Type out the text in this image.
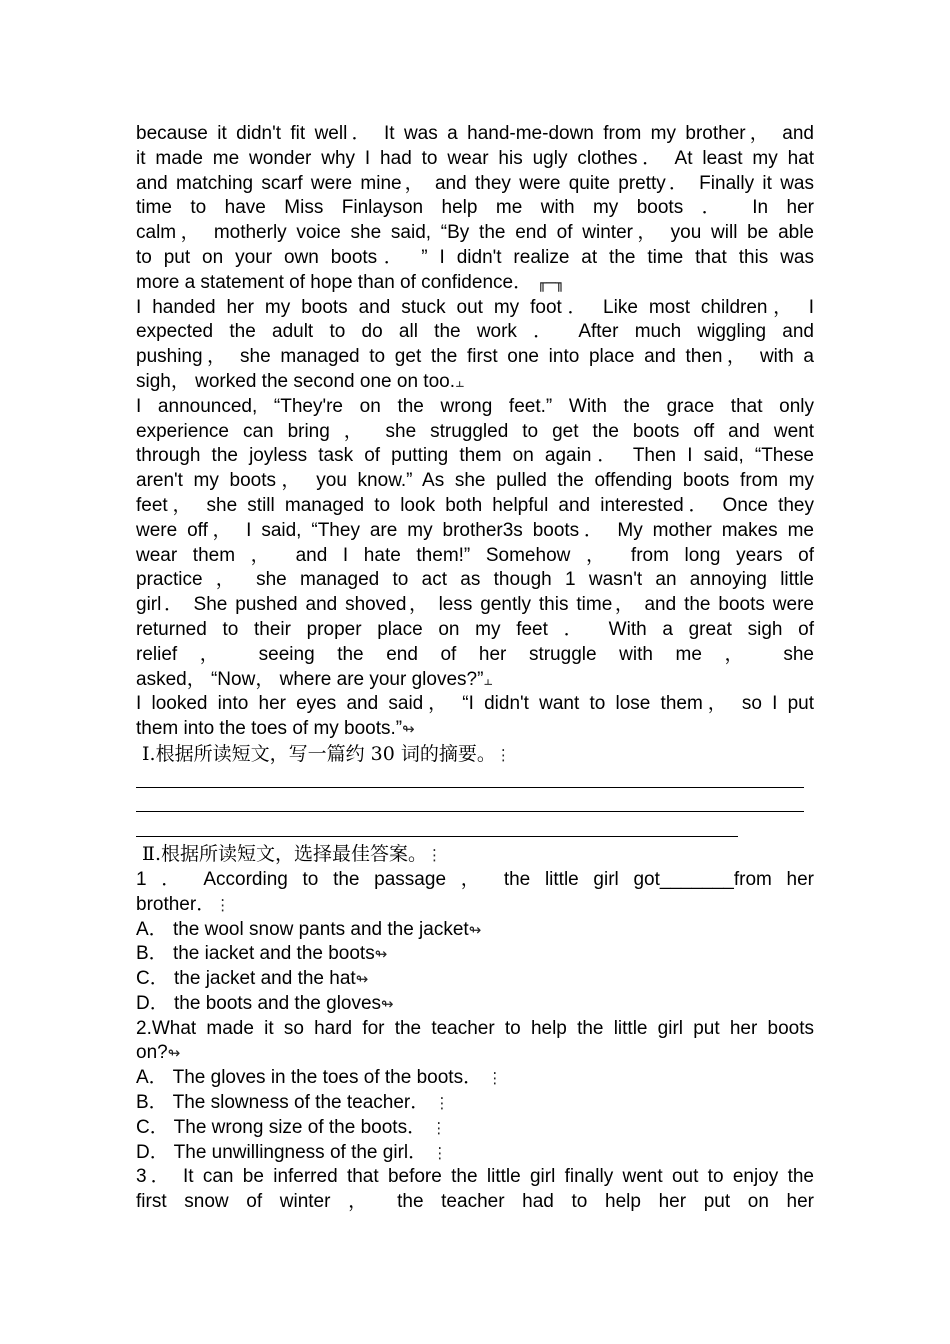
because it didn't fit well． It was a hand-me-down from my brother， and
it made me wonder why I had to wear his ugly clothes． At least my hat
and matching scarf were mine， and they were quite pretty． Finally it was
time to have Miss Finlayson help me with my boots ． In her
calm， motherly voice she said, “By the end of winter， you will be able
to put on your own boots． ” I didn't realize at the time that this was
more a statement of hope than of confidence． ╓─╖
I handed her my boots and stuck out my foot． Like most children， I
expected the adult to do all the work ． After much wiggling and
pushing， she managed to get the first one into place and then， with a
sigh， worked the second one on too.⫠
I announced, “They're on the wrong feet.” With the grace that only
experience can bring ， she struggled to get the boots off and went
through the joyless task of putting them on again． Then I said, “These
aren't my boots， you know.” As she pulled the offending boots from my
feet， she still managed to look both helpful and interested． Once they
were off， I said, “They are my brother3s boots． My mother makes me
wear them ， and I hate them!” Somehow ， from long years of
practice ， she managed to act as though 1 wasn't an annoying little
girl． She pushed and shoved， less gently this time， and the boots were
returned to their proper place on my feet ． With a great sigh of
relief ， seeing the end of her struggle with me ， she
asked， “Now， where are your gloves?”⫠
I looked into her eyes and said， “I didn't want to lose them， so I put
them into the toes of my boots.”↬
Ⅰ.根据所读短文，写一篇约 30 词的摘要。⋮
Ⅱ.根据所读短文，选择最佳答案。⋮
1 ． According to the passage ， the little girl got_______from her
brother．⋮
A． the wool snow pants and the jacket↬
B． the iacket and the boots↬
C． the jacket and the hat↬
D． the boots and the gloves↬
2.What made it so hard for the teacher to help the little girl put her boots
on?↬
A． The gloves in the toes of the boots． ⋮
B． The slowness of the teacher． ⋮
C． The wrong size of the boots． ⋮
D． The unwillingness of the girl． ⋮
3． It can be inferred that before the little girl finally went out to enjoy the
first snow of winter ， the teacher had to help her put on her
